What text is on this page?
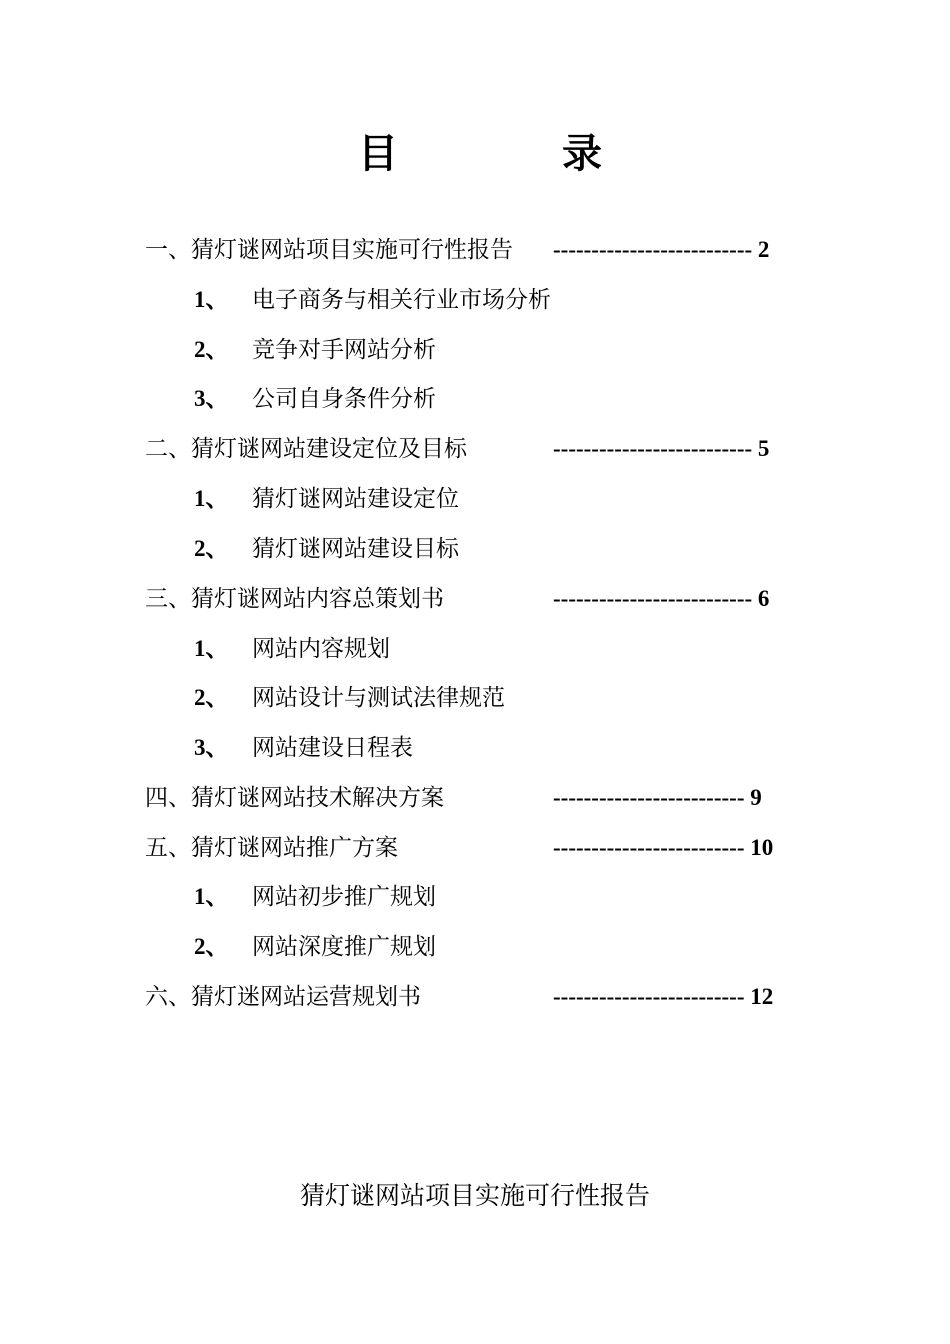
目	录
一、猜灯谜网站项目实施可行性报告 -------------------------- 2
1、 电子商务与相关行业市场分析
2、 竞争对手网站分析
3、 公司自身条件分析
二、猜灯谜网站建设定位及目标	-------------------------- 5
1、 猜灯谜网站建设定位
2、 猜灯谜网站建设目标
三、猜灯谜网站内容总策划书	-------------------------- 6
1、 网站内容规划
2、 网站设计与测试法律规范
3、 网站建设日程表
四、猜灯谜网站技术解决方案	------------------------- 9
五、猜灯谜网站推广方案	------------------------- 10
1、 网站初步推广规划
2、 网站深度推广规划
六、猜灯迷网站运营规划书	------------------------- 12
猜灯谜网站项目实施可行性报告
